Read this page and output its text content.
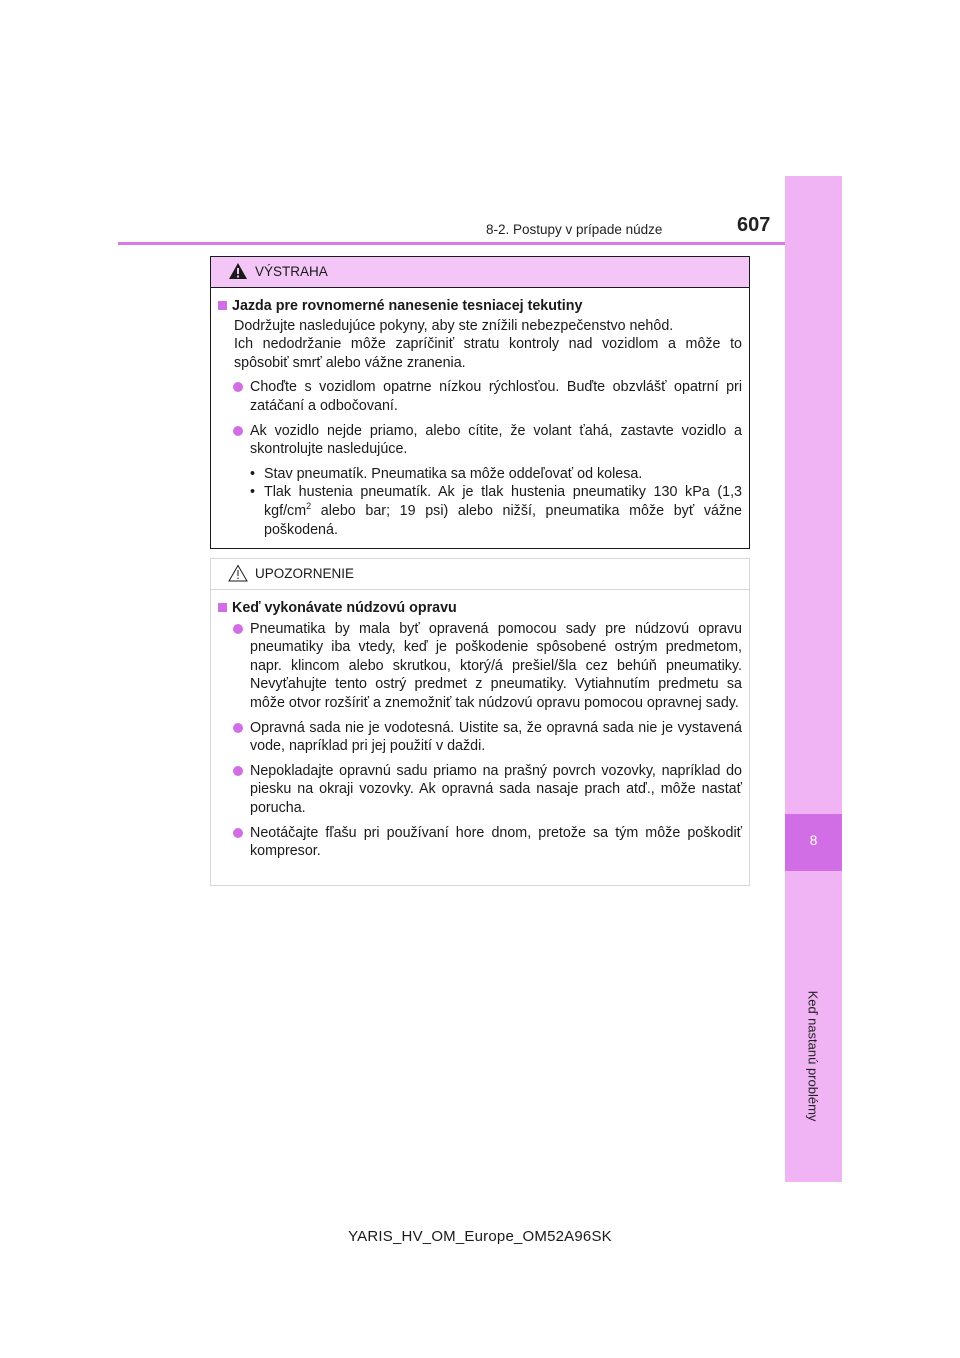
8
Keď nastanú problémy
8-2. Postupy v prípade núdze	607
VÝSTRAHA
Jazda pre rovnomerné nanesenie tesniacej tekutiny
Dodržujte nasledujúce pokyny, aby ste znížili nebezpečenstvo nehôd.
Ich nedodržanie môže zapríčiniť stratu kontroly nad vozidlom a môže to spôsobiť smrť alebo vážne zranenia.
Choďte s vozidlom opatrne nízkou rýchlosťou. Buďte obzvlášť opatrní pri zatáčaní a odbočovaní.
Ak vozidlo nejde priamo, alebo cítite, že volant ťahá, zastavte vozidlo a skontrolujte nasledujúce.
• Stav pneumatík. Pneumatika sa môže oddeľovať od kolesa.
• Tlak hustenia pneumatík. Ak je tlak hustenia pneumatiky 130 kPa (1,3 kgf/$cm^2$ alebo bar; 19 psi) alebo nižší, pneumatika môže byť vážne poškodená.
UPOZORNENIE
Keď vykonávate núdzovú opravu
Pneumatika by mala byť opravená pomocou sady pre núdzovú opravu pneumatiky iba vtedy, keď je poškodenie spôsobené ostrým predmetom, napr. klincom alebo skrutkou, ktorý/á prešiel/šla cez behúň pneumatiky. Nevyťahujte tento ostrý predmet z pneumatiky. Vytiahnutím predmetu sa môže otvor rozšíriť a znemožniť tak núdzovú opravu pomocou opravnej sady.
Opravná sada nie je vodotesná. Uistite sa, že opravná sada nie je vystavená vode, napríklad pri jej použití v daždi.
Nepokladajte opravnú sadu priamo na prašný povrch vozovky, napríklad do piesku na okraji vozovky. Ak opravná sada nasaje prach atď., môže nastať porucha.
Neotáčajte fľašu pri používaní hore dnom, pretože sa tým môže poškodiť kompresor.
YARIS_HV_OM_Europe_OM52A96SK
